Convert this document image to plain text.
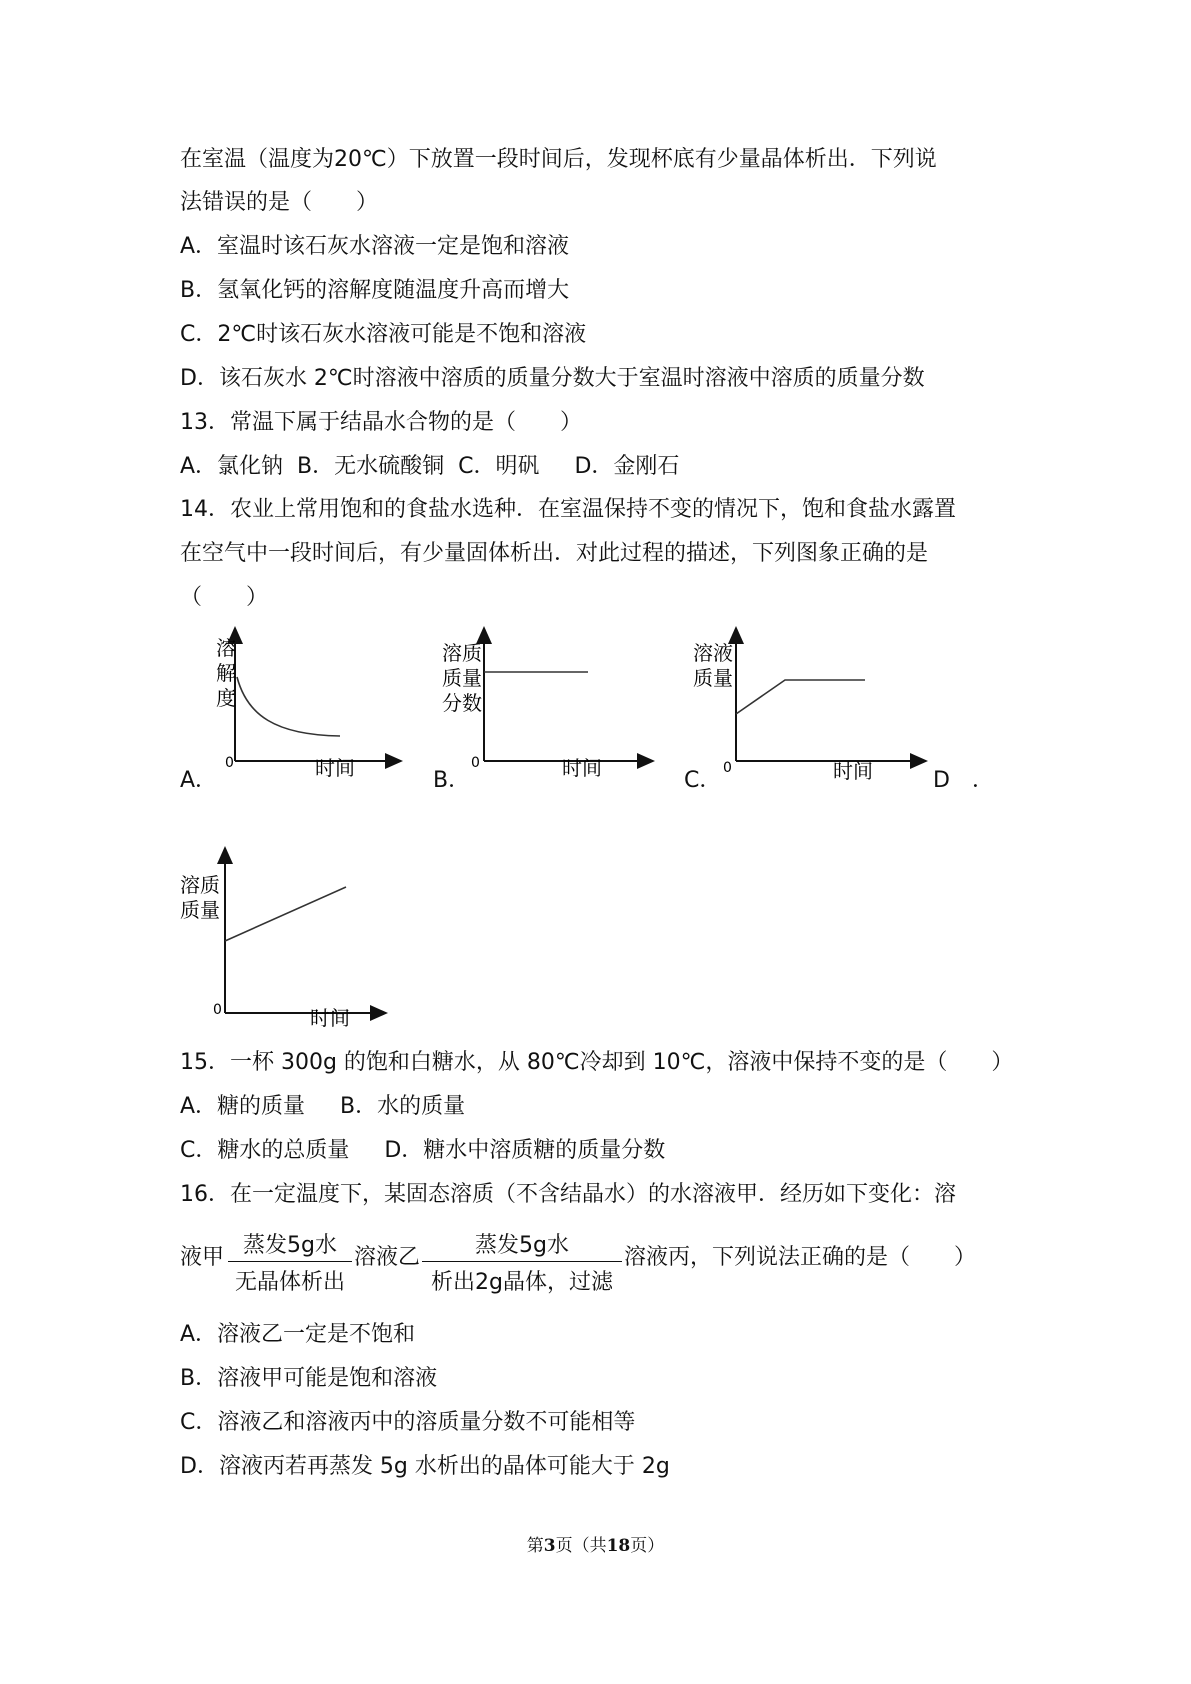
在室温（温度为20℃）下放置一段时间后，发现杯底有少量晶体析出．下列说
法错误的是（　　）
A．室温时该石灰水溶液一定是饱和溶液
B．氢氧化钙的溶解度随温度升高而增大
C．2℃时该石灰水溶液可能是不饱和溶液
D．该石灰水 2℃时溶液中溶质的质量分数大于室温时溶液中溶质的质量分数
13．常温下属于结晶水合物的是（　　）
A．氯化钠  B．无水硫酸铜  C．明矾     D．金刚石
14．农业上常用饱和的食盐水选种．在室温保持不变的情况下，饱和食盐水露置
在空气中一段时间后，有少量固体析出．对此过程的描述，下列图象正确的是
（　　）
A．
溶
解
度
0	时间	B．
溶质
质量
分数
0	时间	C．
溶液
质量
0	时间	D　．
溶质
质量
0	时间
15．一杯 300g 的饱和白糖水，从 80℃冷却到 10℃，溶液中保持不变的是（　　）
A．糖的质量     B．水的质量
C．糖水的总质量     D．糖水中溶质糖的质量分数
16．在一定温度下，某固态溶质（不含结晶水）的水溶液甲．经历如下变化：溶
液甲 蒸发5g水
无晶体析出
溶液乙	蒸发5g水
析出2g晶体，过滤
溶液丙，下列说法正确的是（　　）
A．溶液乙一定是不饱和
B．溶液甲可能是饱和溶液
C．溶液乙和溶液丙中的溶质量分数不可能相等
D．溶液丙若再蒸发 5g 水析出的晶体可能大于 2g
第3页（共18页）
